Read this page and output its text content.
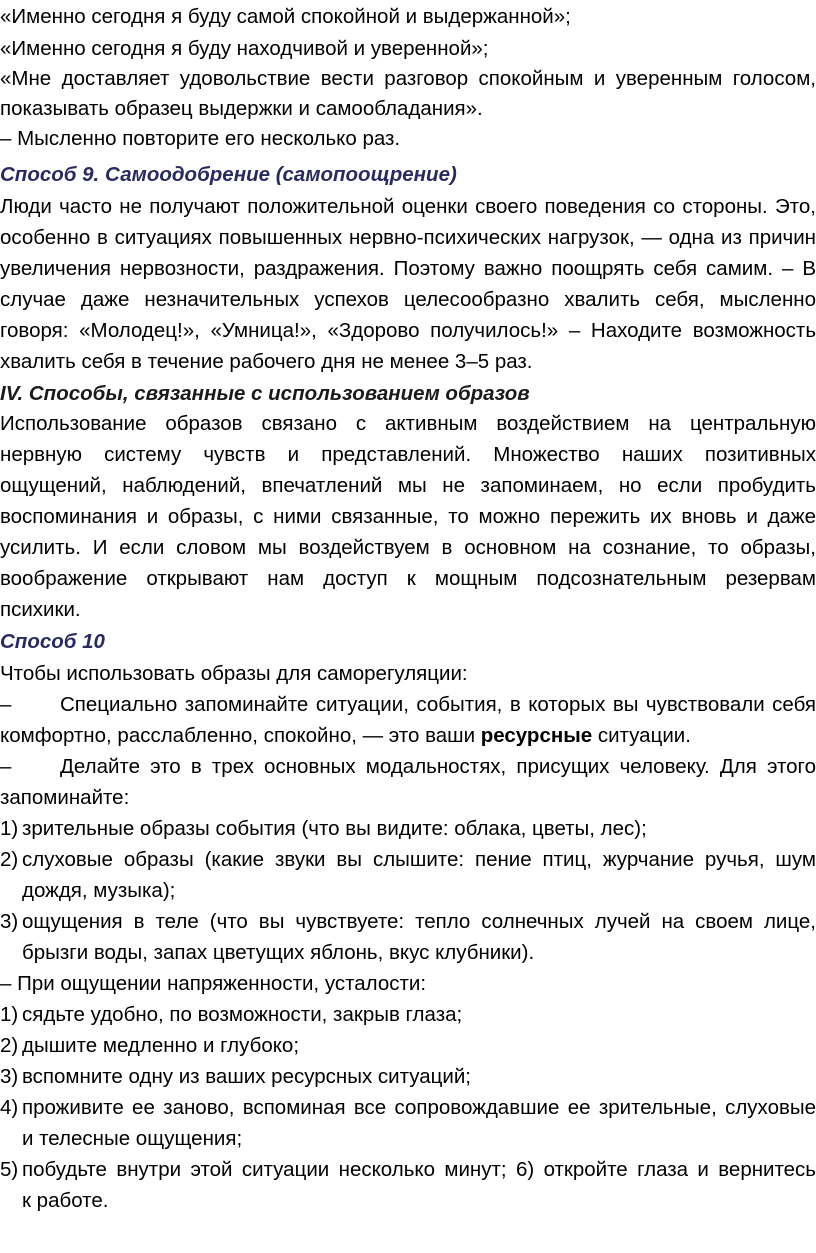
«Именно сегодня я буду самой спокойной и выдержанной»;
«Именно сегодня я буду находчивой и уверенной»;
«Мне доставляет удовольствие вести разговор спокойным и уверенным голосом,
показывать образец выдержки и самообладания».
– Мысленно повторите его несколько раз.
Способ 9. Самоодобрение (самопоощрение)
Люди часто не получают положительной оценки своего поведения со стороны. Это,
особенно в ситуациях повышенных нервно-психических нагрузок, — одна из причин
увеличения нервозности, раздражения. Поэтому важно поощрять себя самим. – В
случае даже незначительных успехов целесообразно хвалить себя, мысленно
говоря: «Молодец!», «Умница!», «Здорово получилось!» – Находите возможность
хвалить себя в течение рабочего дня не менее 3–5 раз.
IV. Способы, связанные с использованием образов
Использование образов связано с активным воздействием на центральную
нервную систему чувств и представлений. Множество наших позитивных
ощущений, наблюдений, впечатлений мы не запоминаем, но если пробудить
воспоминания и образы, с ними связанные, то можно пережить их вновь и даже
усилить. И если словом мы воздействуем в основном на сознание, то образы,
воображение открывают нам доступ к мощным подсознательным резервам
психики.
Способ 10
Чтобы использовать образы для саморегуляции:
– Специально запоминайте ситуации, события, в которых вы чувствовали себя
комфортно, расслабленно, спокойно, — это ваши ресурсные ситуации.
– Делайте это в трех основных модальностях, присущих человеку. Для этого
запоминайте:
1) зрительные образы события (что вы видите: облака, цветы, лес);
2) слуховые образы (какие звуки вы слышите: пение птиц, журчание ручья, шум
дождя, музыка);
3) ощущения в теле (что вы чувствуете: тепло солнечных лучей на своем лице,
брызги воды, запах цветущих яблонь, вкус клубники).
– При ощущении напряженности, усталости:
1) сядьте удобно, по возможности, закрыв глаза;
2) дышите медленно и глубоко;
3) вспомните одну из ваших ресурсных ситуаций;
4) проживите ее заново, вспоминая все сопровождавшие ее зрительные, слуховые
и телесные ощущения;
5) побудьте внутри этой ситуации несколько минут; 6) откройте глаза и вернитесь
к работе.
